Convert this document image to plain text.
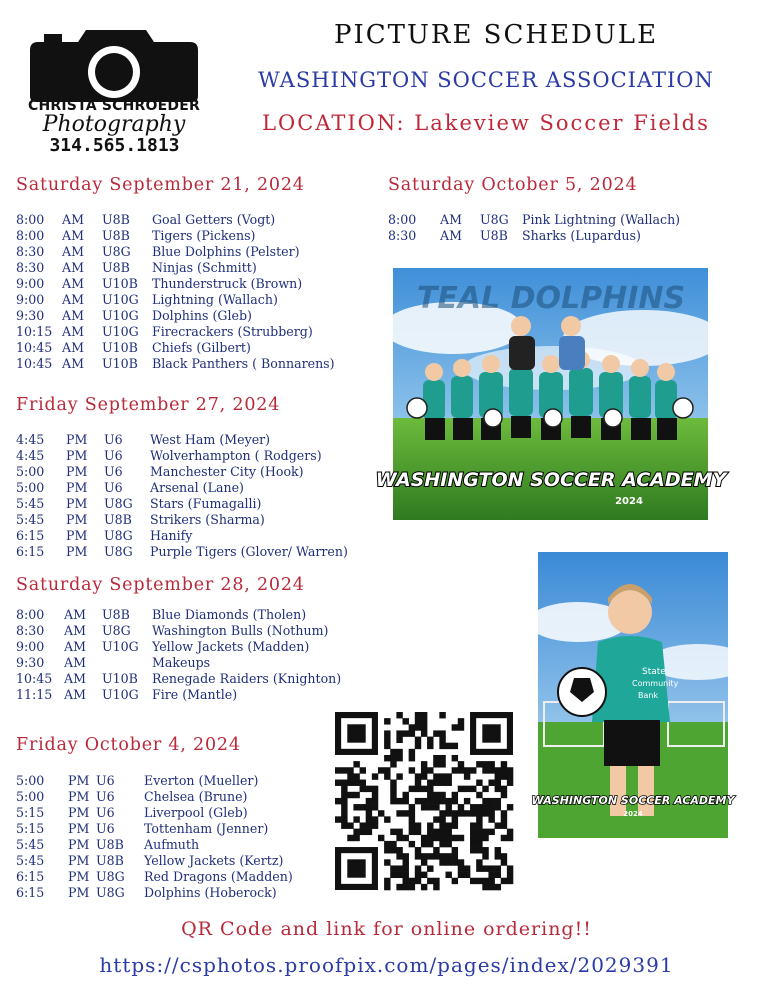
cs.photos
CHRISTA SCHROEDER
Photography
314.565.1813
PICTURE SCHEDULE
WASHINGTON SOCCER ASSOCIATION
LOCATION: Lakeview Soccer Fields
Saturday September 21, 2024
8:00 AM U8B Goal Getters (Vogt)
8:00 AM U8B Tigers (Pickens)
8:30 AM U8G Blue Dolphins (Pelster)
8:30 AM U8B Ninjas (Schmitt)
9:00 AM U10B Thunderstruck (Brown)
9:00 AM U10G Lightning (Wallach)
9:30 AM U10G Dolphins (Gleb)
10:15 AM U10G Firecrackers (Strubberg)
10:45 AM U10B Chiefs (Gilbert)
10:45 AM U10B Black Panthers ( Bonnarens)
Friday September 27, 2024
4:45 PM U6 West Ham (Meyer)
4:45 PM U6 Wolverhampton ( Rodgers)
5:00 PM U6 Manchester City (Hook)
5:00 PM U6 Arsenal (Lane)
5:45 PM U8G Stars (Fumagalli)
5:45 PM U8B Strikers (Sharma)
6:15 PM U8G Hanify
6:15 PM U8G Purple Tigers (Glover/ Warren)
Saturday September 28, 2024
8:00 AM U8B Blue Diamonds (Tholen)
8:30 AM U8G Washington Bulls (Nothum)
9:00 AM U10G Yellow Jackets (Madden)
9:30 AM	Makeups
10:45 AM U10B Renegade Raiders (Knighton)
11:15 AM U10G Fire (Mantle)
Friday October 4, 2024
5:00 PM U6 Everton (Mueller)
5:00 PM U6 Chelsea (Brune)
5:15 PM U6 Liverpool (Gleb)
5:15 PM U6 Tottenham (Jenner)
5:45 PM U8B Aufmuth
5:45 PM U8B Yellow Jackets (Kertz)
6:15 PM U8G Red Dragons (Madden)
6:15 PM U8G Dolphins (Hoberock)
Saturday October 5, 2024
8:00 AM U8G Pink Lightning (Wallach)
8:30 AM U8B Sharks (Lupardus)
TEAL DOLPHINS
WASHINGTON SOCCER ACADEMY
2024
State
Community
Bank
WASHINGTON SOCCER ACADEMY
2024
QR Code and link for online ordering!!
https://csphotos.proofpix.com/pages/index/2029391
